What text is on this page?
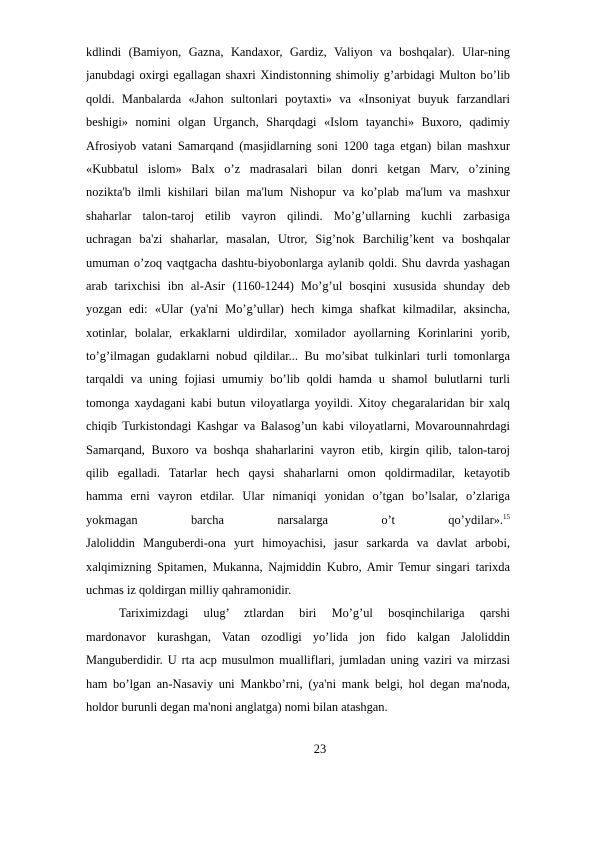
kdlindi (Bamiyon, Gazna, Kandaxor, Gardiz, Valiyon va boshqalar). Ular-ning
janubdagi oxirgi egallagan shaxri Xindistonning shimoliy g’arbidagi Multon bo’lib
qoldi. Manbalarda «Jahon sultonlari poytaxti» va «Insoniyat buyuk farzandlari
beshigi» nomini olgan Urganch, Sharqdagi «Islom tayanchi» Buxoro, qadimiy
Afrosiyob vatani Samarqand (masjidlarning soni 1200 taga etgan) bilan mashxur
«Kubbatul islom» Balx o’z madrasalari bilan donri ketgan Marv, o’zining
nozikta'b ilmli kishilari bilan ma'lum Nishopur va ko’plab ma'lum va mashxur
shaharlar talon-taroj etilib vayron qilindi. Mo’g’ullarning kuchli zarbasiga
uchragan ba'zi shaharlar, masalan, Utror, Sig’nok Barchilig’kent va boshqalar
umuman o’zoq vaqtgacha dashtu-biyobonlarga aylanib qoldi. Shu davrda yashagan
arab tarixchisi ibn al-Asir (1160-1244) Mo’g’ul bosqini xususida shunday deb
yozgan edi: «Ular (ya'ni Mo’g’ullar) hech kimga shafkat kilmadilar, aksincha,
xotinlar, bolalar, erkaklarni uldirdilar, xomilador ayollarning Korinlarini yorib,
to’g’ilmagan gudaklarni nobud qildilar... Bu mo’sibat tulkinlari turli tomonlarga
tarqaldi va uning fojiasi umumiy bo’lib qoldi hamda u shamol bulutlarni turli
tomonga xaydagani kabi butun viloyatlarga yoyildi. Xitoy chegaralaridan bir xalq
chiqib Turkistondagi Kashgar va Balasog’un kabi viloyatlarni, Movarounnahrdagi
Samarqand, Buxoro va boshqa shaharlarini vayron etib, kirgin qilib, talon-taroj
qilib egalladi. Tatarlar hech qaysi shaharlarni omon qoldirmadilar, ketayotib
hamma erni vayron etdilar. Ular nimaniqi yonidan o’tgan bo’lsalar, o’zlariga
yokmagan barcha narsalarga o’t qo’ydilar».$^{15}$
Jaloliddin Manguberdi-ona yurt himoyachisi, jasur sarkarda va davlat arbobi,
xalqimizning Spitamen, Mukanna, Najmiddin Kubro, Amir Temur singari tarixda
uchmas iz qoldirgan milliy qahramonidir.
Tariximizdagi ulug’ ztlardan biri Mo’g’ul bosqinchilariga qarshi
mardonavor kurashgan, Vatan ozodligi yo’lida jon fido kalgan Jaloliddin
Manguberdidir. U rta acp musulmon mualliflari, jumladan uning vaziri va mirzasi
ham bo’lgan an-Nasaviy uni Mankbo’rni, (ya'ni mank belgi, hol degan ma'noda,
holdor burunli degan ma'noni anglatga) nomi bilan atashgan.
23
